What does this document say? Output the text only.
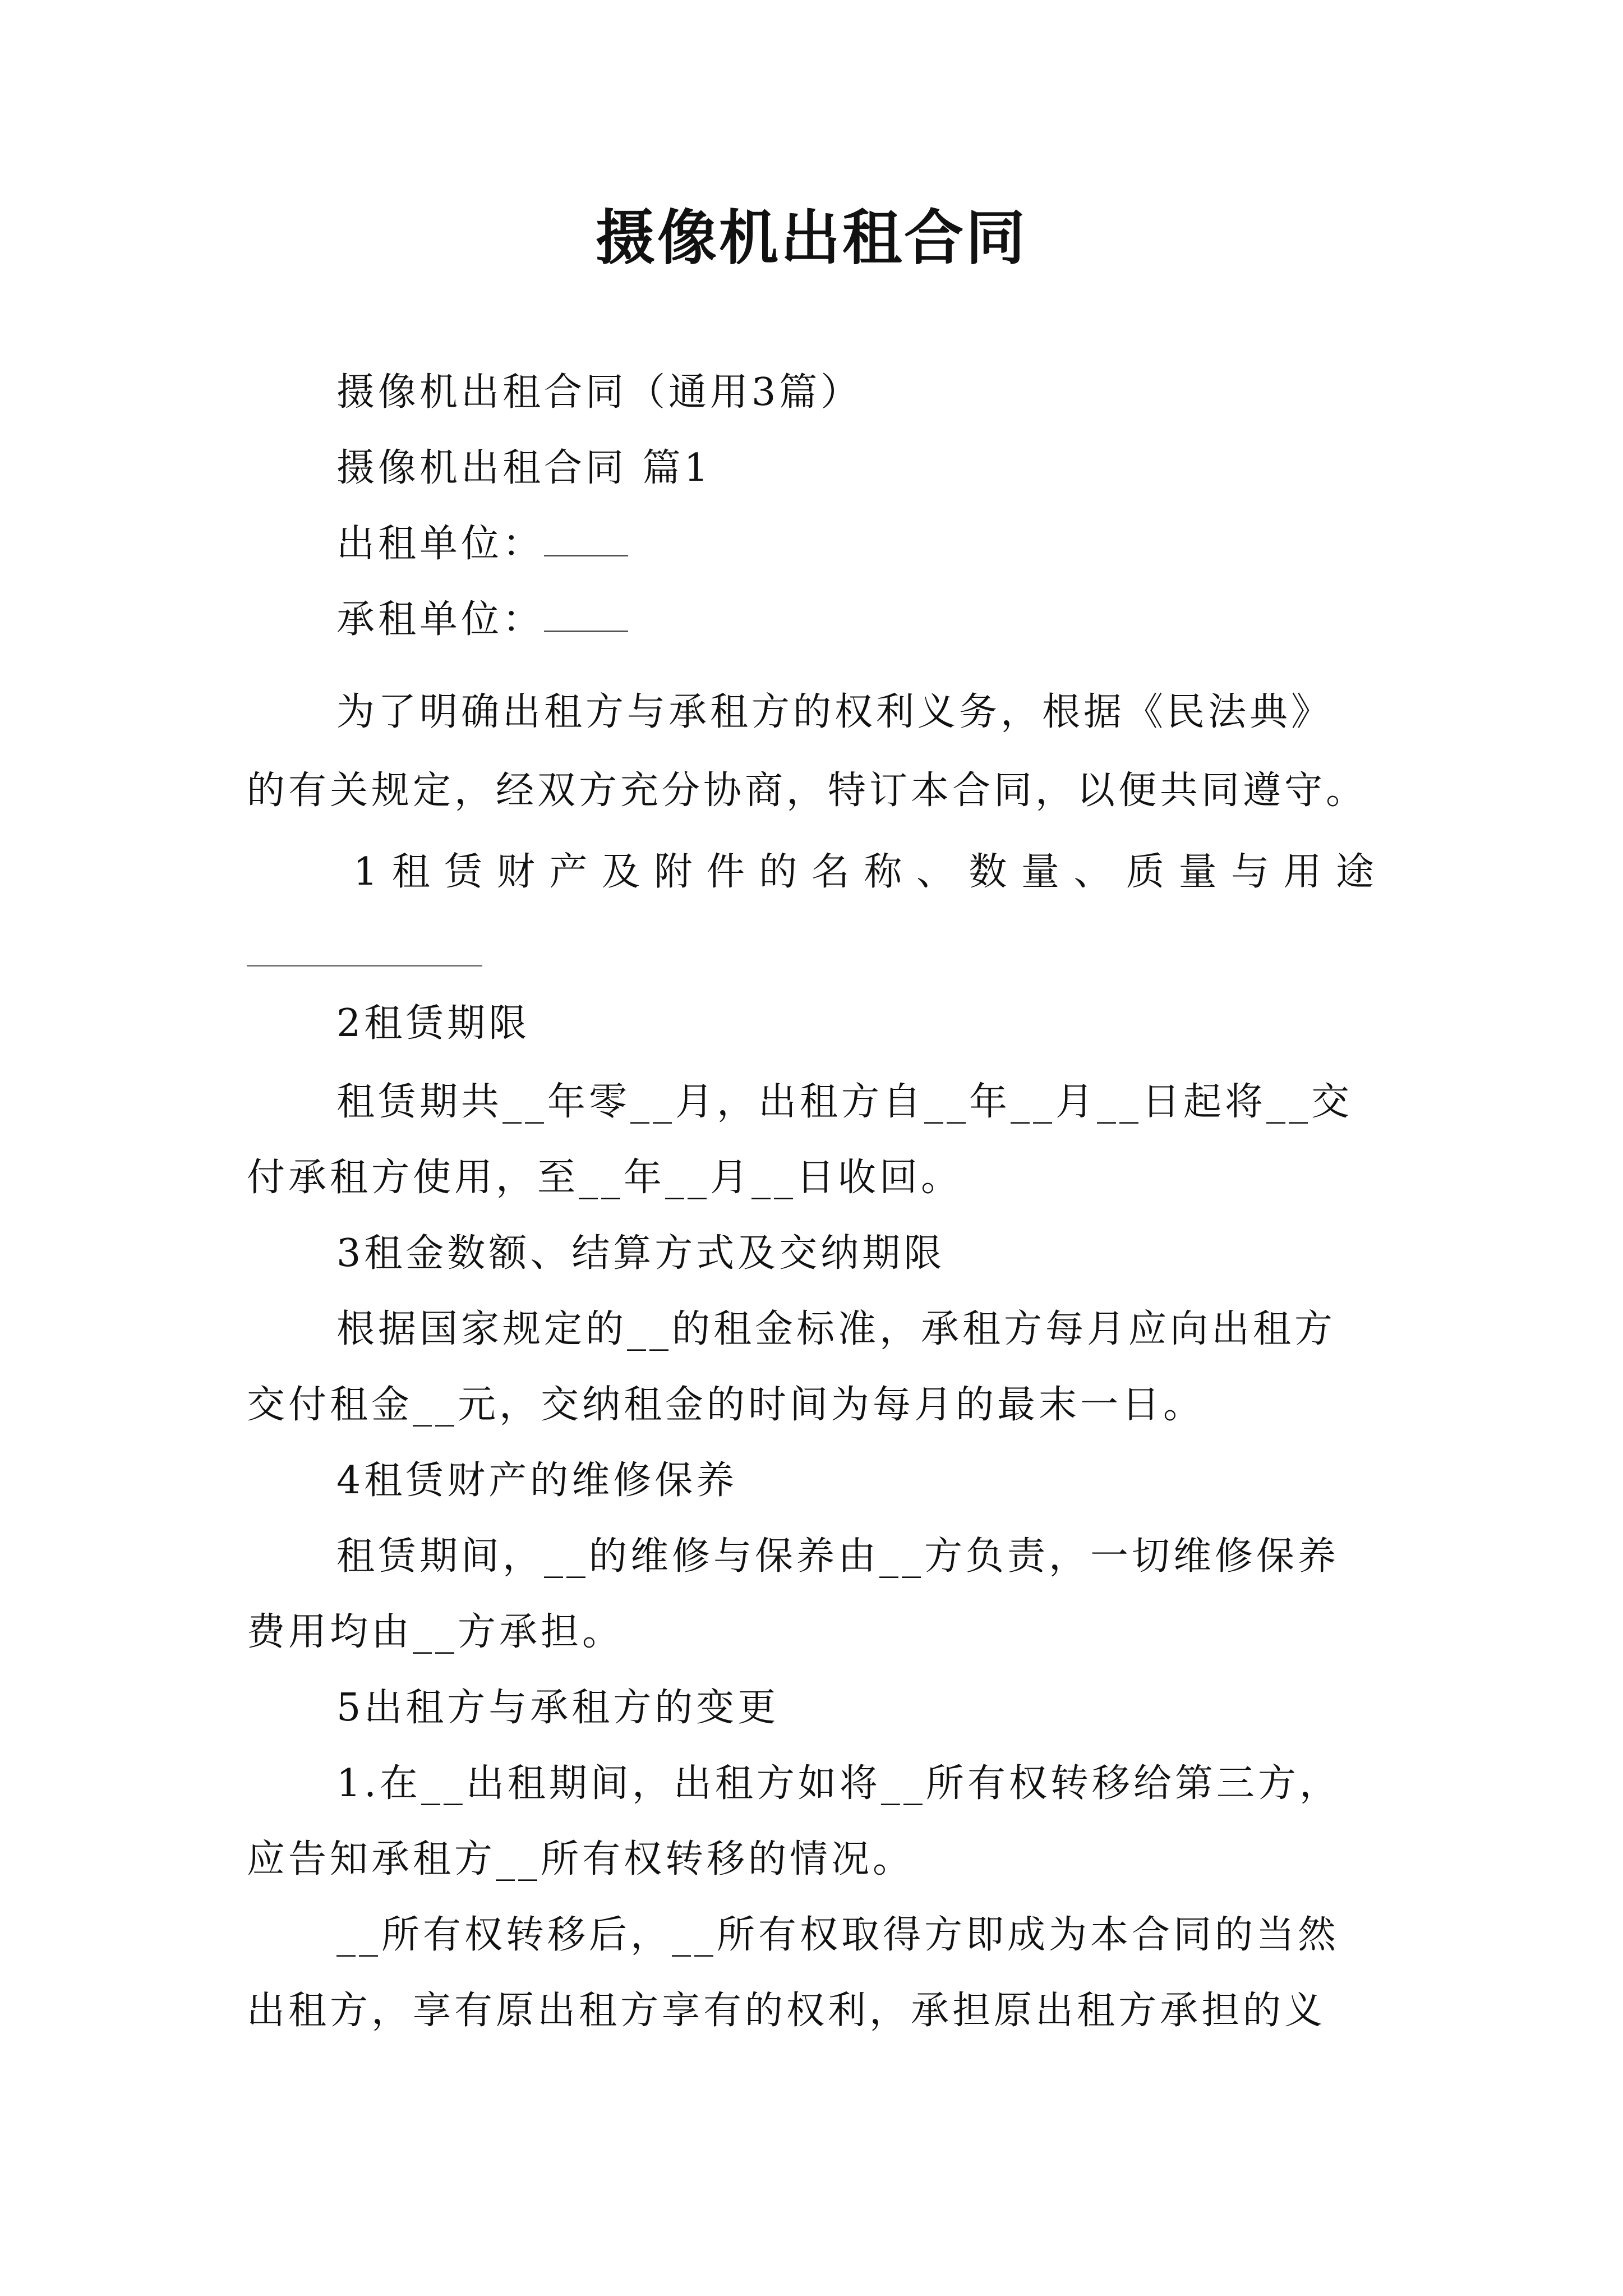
摄像机出租合同
摄像机出租合同（通用3篇）
摄像机出租合同 篇1
出租单位：
承租单位：
为了明确出租方与承租方的权利义务，根据《民法典》
的有关规定，经双方充分协商，特订本合同，以便共同遵守。
1租赁财产及附件的名称、数量、质量与用途
2租赁期限
租赁期共__年零__月，出租方自__年__月__日起将__交
付承租方使用，至__年__月__日收回。
3租金数额、结算方式及交纳期限
根据国家规定的__的租金标准，承租方每月应向出租方
交付租金__元，交纳租金的时间为每月的最末一日。
4租赁财产的维修保养
租赁期间，__的维修与保养由__方负责，一切维修保养
费用均由__方承担。
5出租方与承租方的变更
1.在__出租期间，出租方如将__所有权转移给第三方，
应告知承租方__所有权转移的情况。
__所有权转移后，__所有权取得方即成为本合同的当然
出租方，享有原出租方享有的权利，承担原出租方承担的义
